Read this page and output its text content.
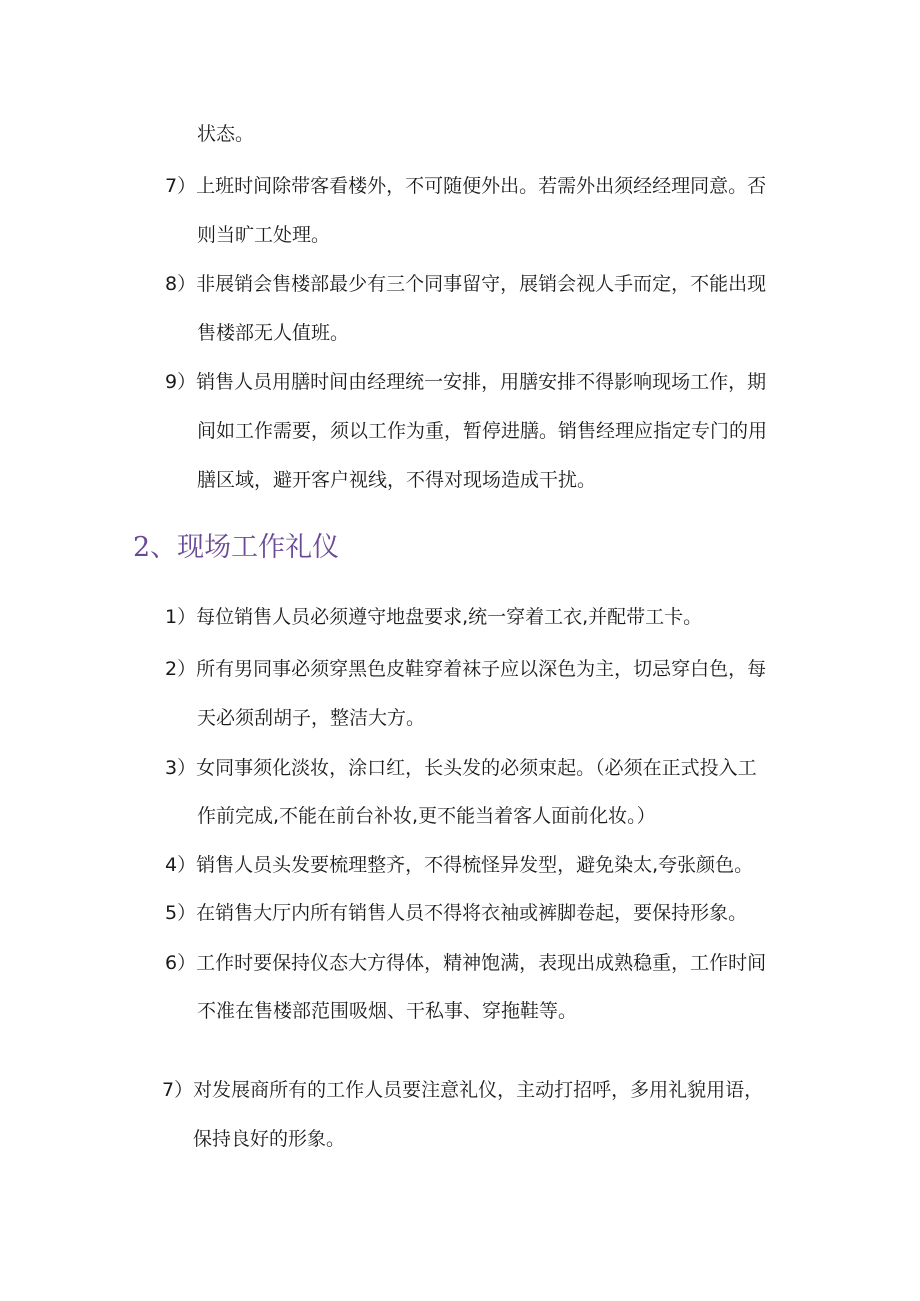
状态。
7）上班时间除带客看楼外，不可随便外出。若需外出须经经理同意。否
则当旷工处理。
8）非展销会售楼部最少有三个同事留守，展销会视人手而定，不能出现
售楼部无人值班。
9）销售人员用膳时间由经理统一安排，用膳安排不得影响现场工作，期
间如工作需要，须以工作为重，暂停进膳。销售经理应指定专门的用
膳区域，避开客户视线，不得对现场造成干扰。
2、现场工作礼仪
1）每位销售人员必须遵守地盘要求,统一穿着工衣,并配带工卡。
2）所有男同事必须穿黑色皮鞋穿着袜子应以深色为主，切忌穿白色，每
天必须刮胡子，整洁大方。
3）女同事须化淡妆，涂口红，长头发的必须束起。（必须在正式投入工
作前完成,不能在前台补妆,更不能当着客人面前化妆。）
4）销售人员头发要梳理整齐，不得梳怪异发型，避免染太,夸张颜色。
5）在销售大厅内所有销售人员不得将衣袖或裤脚卷起，要保持形象。
6）工作时要保持仪态大方得体，精神饱满，表现出成熟稳重，工作时间
不准在售楼部范围吸烟、干私事、穿拖鞋等。
7）对发展商所有的工作人员要注意礼仪，主动打招呼，多用礼貌用语，
保持良好的形象。
